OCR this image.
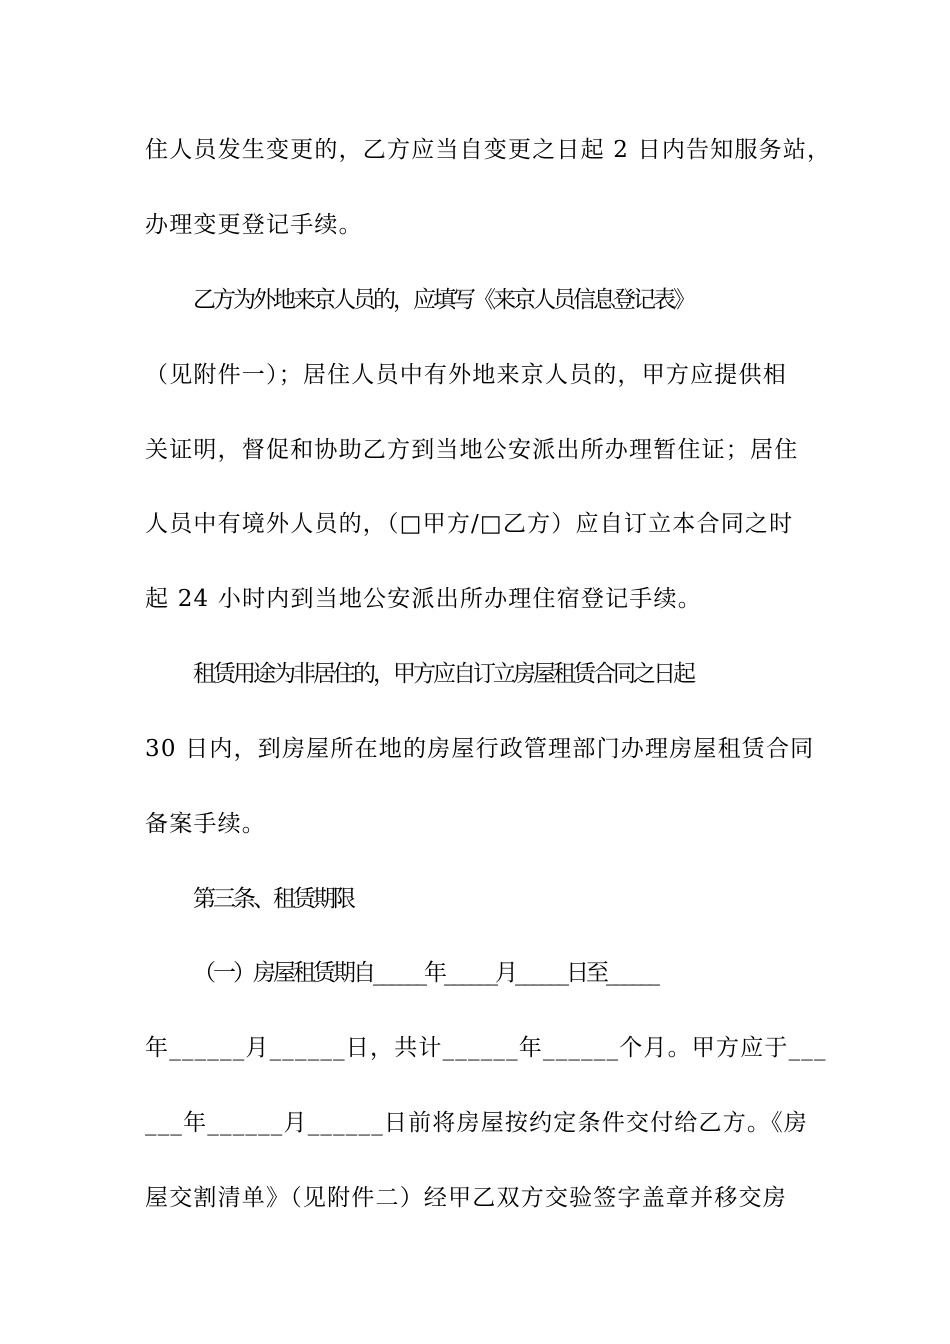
住人员发生变更的，乙方应当自变更之日起 2 日内告知服务站，
办理变更登记手续。
乙方为外地来京人员的，应填写《来京人员信息登记表》
（见附件一）；居住人员中有外地来京人员的，甲方应提供相
关证明，督促和协助乙方到当地公安派出所办理暂住证；居住
人员中有境外人员的，（□甲方/□乙方）应自订立本合同之时
起 24 小时内到当地公安派出所办理住宿登记手续。
租赁用途为非居住的，甲方应自订立房屋租赁合同之日起
30 日内，到房屋所在地的房屋行政管理部门办理房屋租赁合同
备案手续。
第三条、租赁期限
（一）房屋租赁期自______年______月______日至______
年______月______日，共计______年______个月。甲方应于___
___年______月______日前将房屋按约定条件交付给乙方。《房
屋交割清单》（见附件二）经甲乙双方交验签字盖章并移交房
